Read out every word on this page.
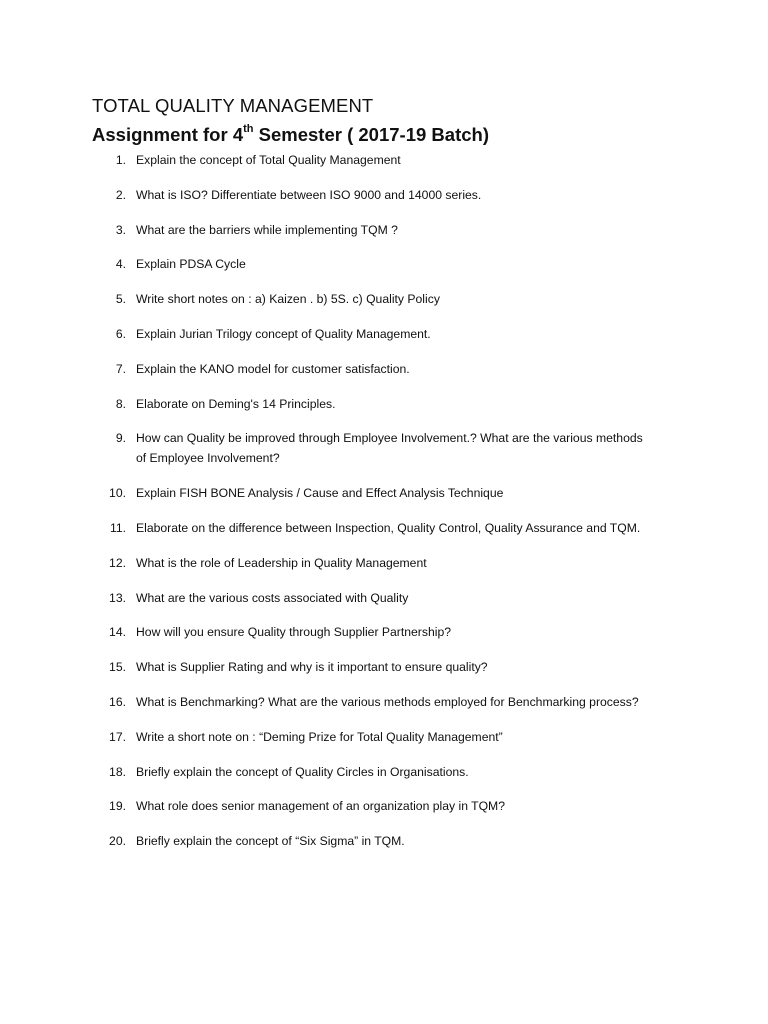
TOTAL QUALITY MANAGEMENT
Assignment for 4th Semester ( 2017-19 Batch)
1. Explain the concept of Total Quality Management
2. What is ISO? Differentiate between ISO 9000 and 14000 series.
3. What are the barriers while implementing TQM ?
4. Explain PDSA Cycle
5. Write short notes on : a) Kaizen . b) 5S. c) Quality Policy
6. Explain Jurian Trilogy concept of Quality Management.
7. Explain the KANO model for customer satisfaction.
8. Elaborate on Deming's 14 Principles.
9. How can Quality be improved through Employee Involvement.? What are the various methods
of Employee Involvement?
10. Explain FISH BONE Analysis / Cause and Effect Analysis Technique
11. Elaborate on the difference between Inspection, Quality Control, Quality Assurance and TQM.
12. What is the role of Leadership in Quality Management
13. What are the various costs associated with Quality
14. How will you ensure Quality through Supplier Partnership?
15. What is Supplier Rating and why is it important to ensure quality?
16. What is Benchmarking? What are the various methods employed for Benchmarking process?
17. Write a short note on : “Deming Prize for Total Quality Management”
18. Briefly explain the concept of Quality Circles in Organisations.
19. What role does senior management of an organization play in TQM?
20. Briefly explain the concept of “Six Sigma” in TQM.
